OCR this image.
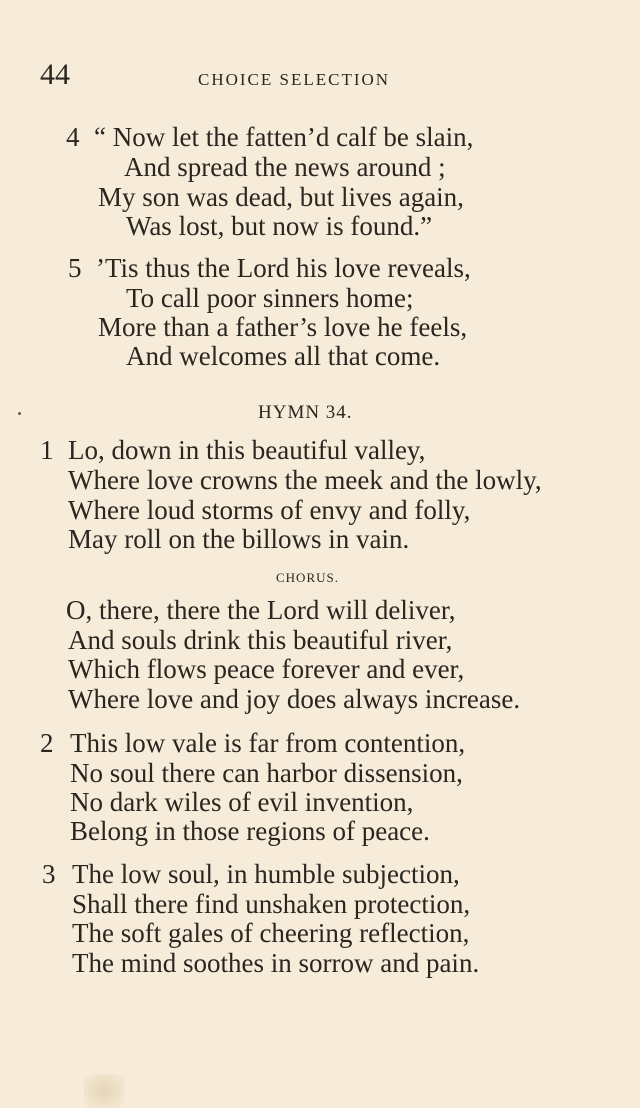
44	CHOICE SELECTION
4 “ Now let the fatten’d calf be slain,
And spread the news around ;
My son was dead, but lives again,
Was lost, but now is found.”
5 ’Tis thus the Lord his love reveals,
To call poor sinners home;
More than a father’s love he feels,
And welcomes all that come.
HYMN 34.
1 Lo, down in this beautiful valley,
Where love crowns the meek and the lowly,
Where loud storms of envy and folly,
May roll on the billows in vain.
CHORUS.
O, there, there the Lord will deliver,
And souls drink this beautiful river,
Which flows peace forever and ever,
Where love and joy does always increase.
2 This low vale is far from contention,
No soul there can harbor dissension,
No dark wiles of evil invention,
Belong in those regions of peace.
3 The low soul, in humble subjection,
Shall there find unshaken protection,
The soft gales of cheering reflection,
The mind soothes in sorrow and pain.
